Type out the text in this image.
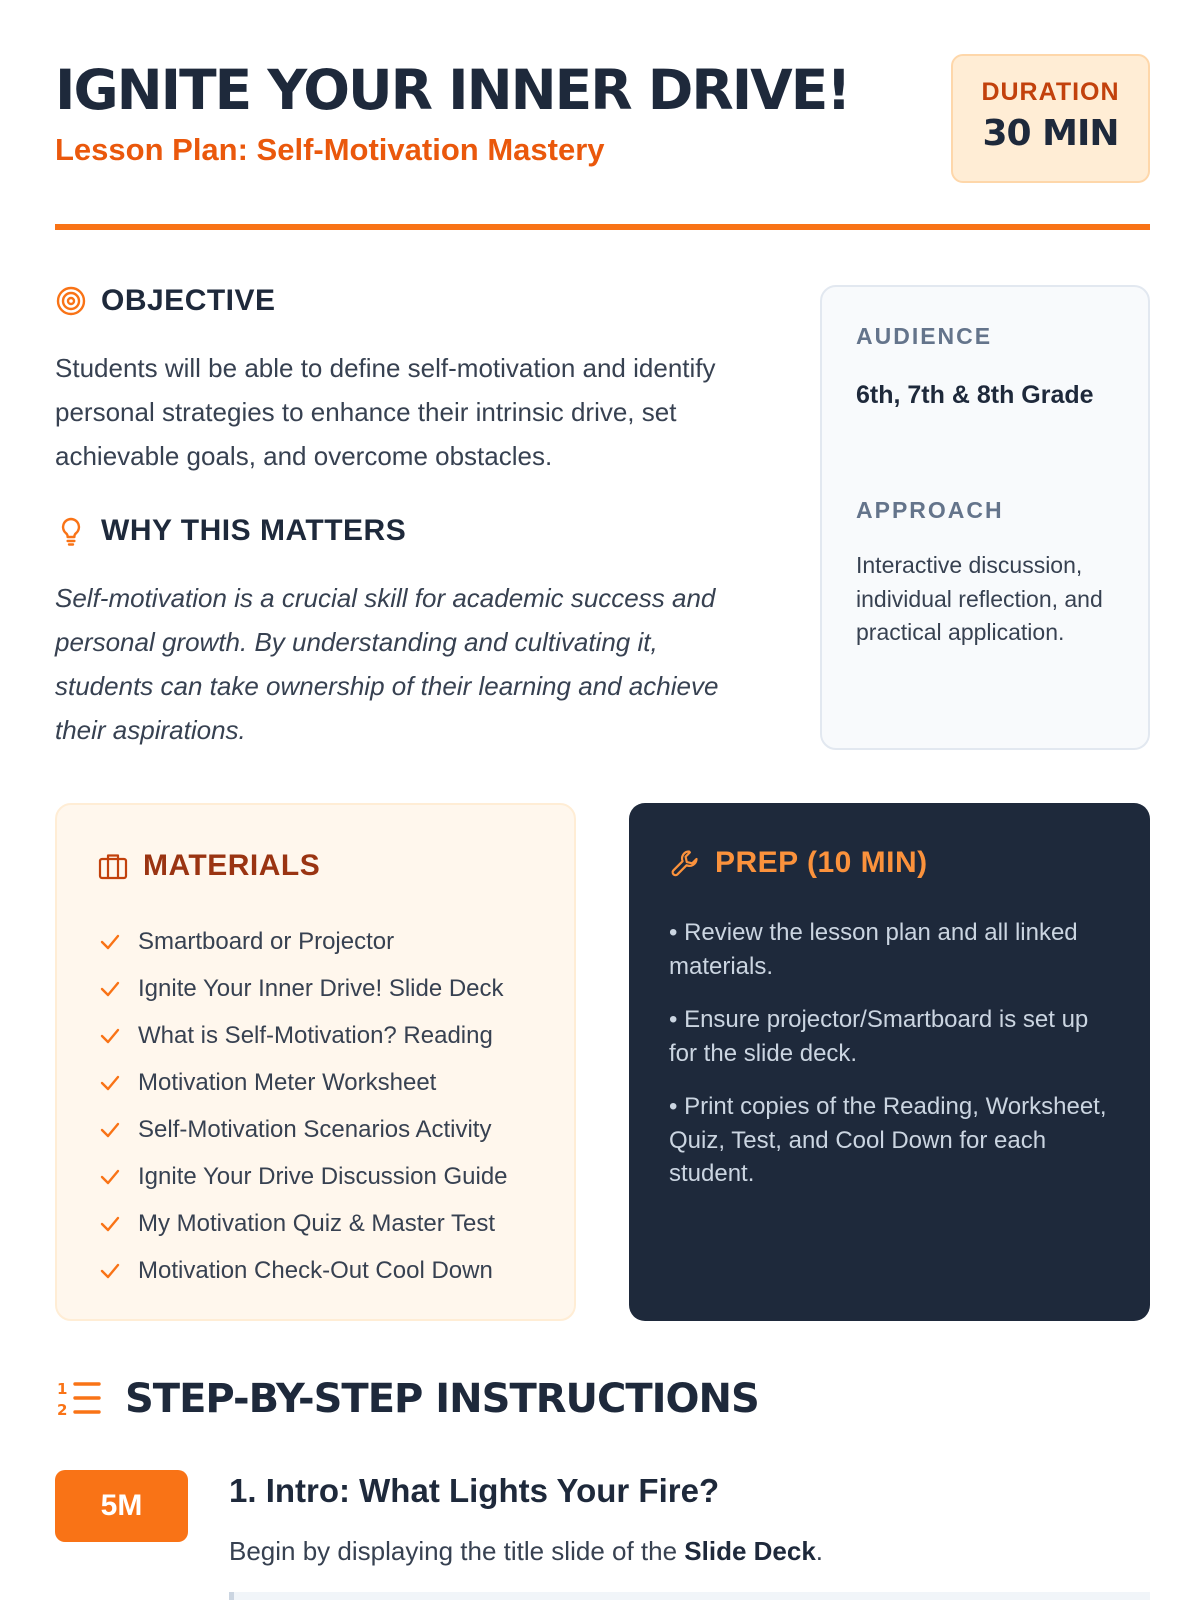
IGNITE YOUR INNER DRIVE!
Lesson Plan: Self-Motivation Mastery
DURATION
30 MIN
OBJECTIVE

Students will be able to define self-motivation and identify personal strategies to enhance their intrinsic drive, set achievable goals, and overcome obstacles.

WHY THIS MATTERS

Self-motivation is a crucial skill for academic success and personal growth. By understanding and cultivating it, students can take ownership of their learning and achieve their aspirations.

AUDIENCE
6th, 7th & 8th Grade
APPROACH
Interactive discussion, individual reflection, and practical application.
MATERIALS
Smartboard or Projector
Ignite Your Inner Drive! Slide Deck
What is Self-Motivation? Reading
Motivation Meter Worksheet
Self-Motivation Scenarios Activity
Ignite Your Drive Discussion Guide
My Motivation Quiz & Master Test
Motivation Check-Out Cool Down
PREP (10 MIN)
• Review the lesson plan and all linked materials.
• Ensure projector/Smartboard is set up for the slide deck.
• Print copies of the Reading, Worksheet, Quiz, Test, and Cool Down for each student.
1
2 STEP-BY-STEP INSTRUCTIONS
5M	1. Intro: What Lights Your Fire?
Begin by displaying the title slide of the Slide Deck.
